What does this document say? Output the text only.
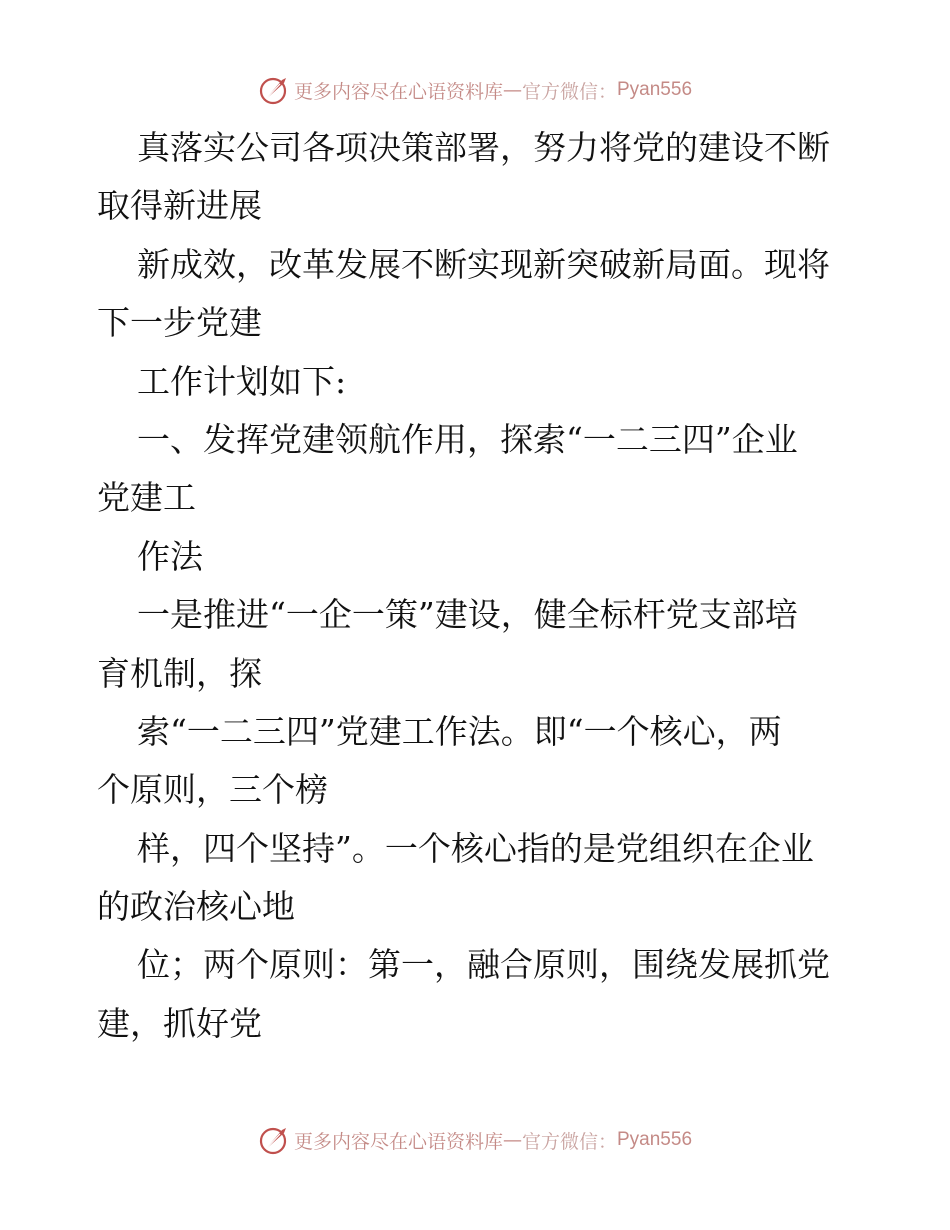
更多内容尽在心语资料库 — 官方微信： Pyan556
真落实公司各项决策部署，努力将党的建设不断
取得新进展
新成效，改革发展不断实现新突破新局面。现将
下一步党建
工作计划如下:
一、发挥党建领航作用，探索“一二三四”企业
党建工
作法
一是推进“一企一策”建设，健全标杆党支部培
育机制，探
索“一二三四”党建工作法。即“一个核心，两
个原则，三个榜
样，四个坚持”。一个核心指的是党组织在企业
的政治核心地
位；两个原则：第一，融合原则，围绕发展抓党
建，抓好党
更多内容尽在心语资料库 — 官方微信： Pyan556
